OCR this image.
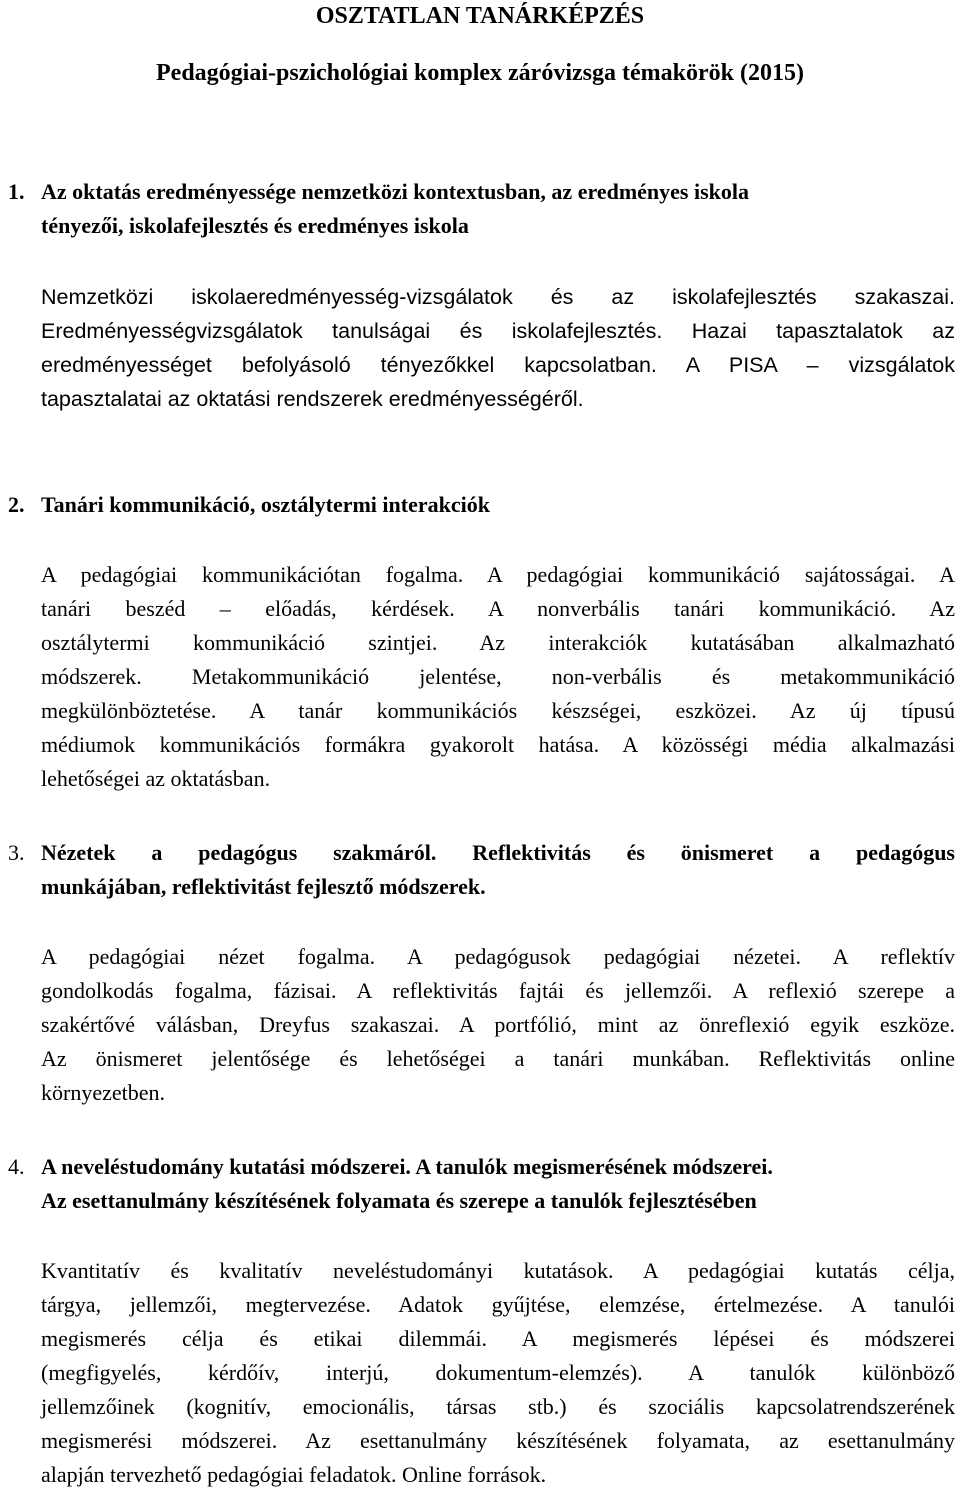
OSZTATLAN TANÁRKÉPZÉS
Pedagógiai-pszichológiai komplex záróvizsga témakörök (2015)
1. Az oktatás eredményessége nemzetközi kontextusban, az eredményes iskola
tényezői, iskolafejlesztés és eredményes iskola
Nemzetközi iskolaeredményesség-vizsgálatok és az iskolafejlesztés szakaszai.
Eredményességvizsgálatok tanulságai és iskolafejlesztés. Hazai tapasztalatok az
eredményességet befolyásoló tényezőkkel kapcsolatban. A PISA – vizsgálatok
tapasztalatai az oktatási rendszerek eredményességéről.
2. Tanári kommunikáció, osztálytermi interakciók
A pedagógiai kommunikációtan fogalma. A pedagógiai kommunikáció sajátosságai. A
tanári beszéd – előadás, kérdések. A nonverbális tanári kommunikáció. Az
osztálytermi kommunikáció szintjei. Az interakciók kutatásában alkalmazható
módszerek. Metakommunikáció jelentése, non-verbális és metakommunikáció
megkülönböztetése. A tanár kommunikációs készségei, eszközei. Az új típusú
médiumok kommunikációs formákra gyakorolt hatása. A közösségi média alkalmazási
lehetőségei az oktatásban.
3. Nézetek a pedagógus szakmáról. Reflektivitás és önismeret a pedagógus
munkájában, reflektivitást fejlesztő módszerek.
A pedagógiai nézet fogalma. A pedagógusok pedagógiai nézetei. A reflektív
gondolkodás fogalma, fázisai. A reflektivitás fajtái és jellemzői. A reflexió szerepe a
szakértővé válásban, Dreyfus szakaszai. A portfólió, mint az önreflexió egyik eszköze.
Az önismeret jelentősége és lehetőségei a tanári munkában. Reflektivitás online
környezetben.
4. A neveléstudomány kutatási módszerei. A tanulók megismerésének módszerei.
Az esettanulmány készítésének folyamata és szerepe a tanulók fejlesztésében
Kvantitatív és kvalitatív neveléstudományi kutatások. A pedagógiai kutatás célja,
tárgya, jellemzői, megtervezése. Adatok gyűjtése, elemzése, értelmezése. A tanulói
megismerés célja és etikai dilemmái. A megismerés lépései és módszerei
(megfigyelés, kérdőív, interjú, dokumentum-elemzés). A tanulók különböző
jellemzőinek (kognitív, emocionális, társas stb.) és szociális kapcsolatrendszerének
megismerési módszerei. Az esettanulmány készítésének folyamata, az esettanulmány
alapján tervezhető pedagógiai feladatok. Online források.
